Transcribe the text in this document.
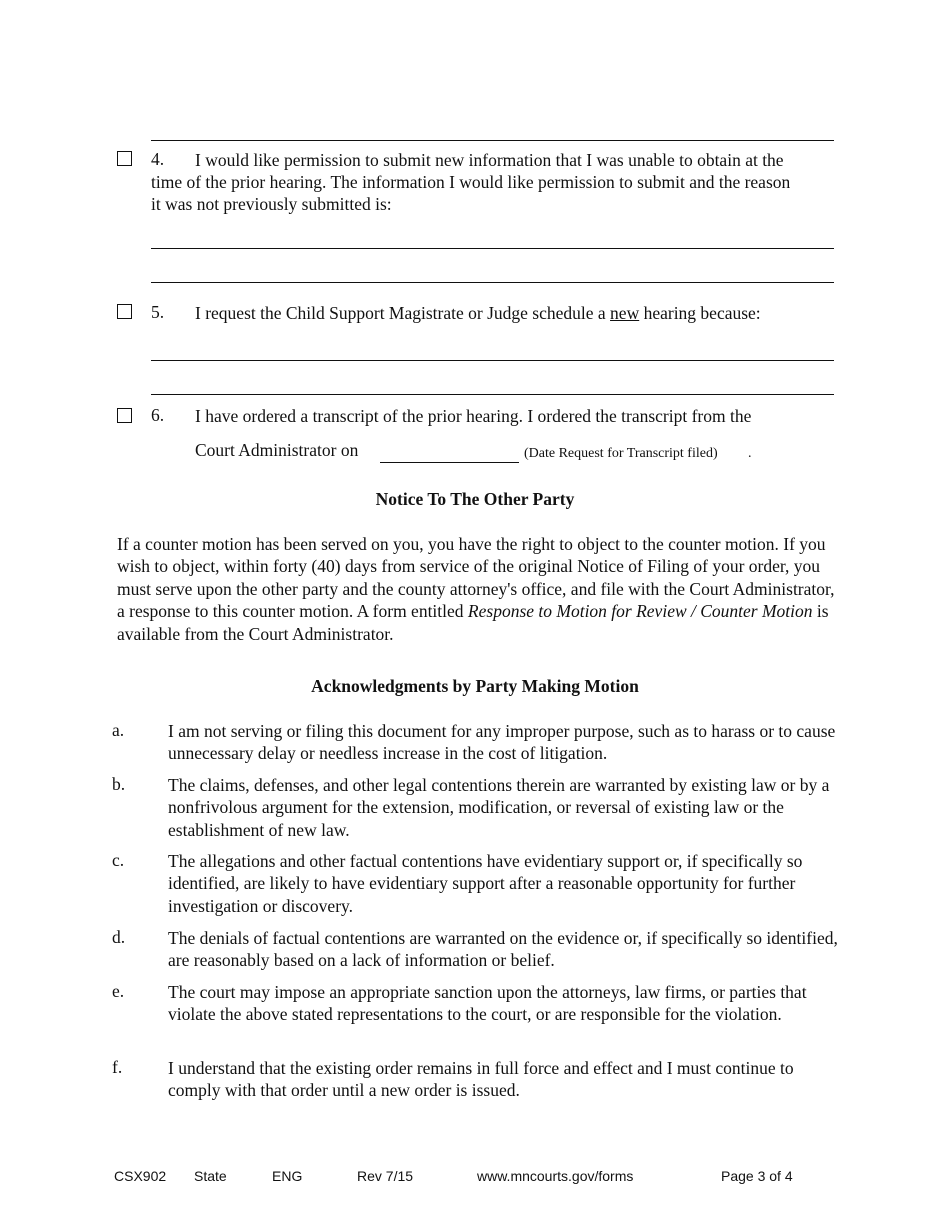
4. I would like permission to submit new information that I was unable to obtain at the
time of the prior hearing. The information I would like permission to submit and the reason
it was not previously submitted is:
5. I request the Child Support Magistrate or Judge schedule a new hearing because:
6. I have ordered a transcript of the prior hearing. I ordered the transcript from the
Court Administrator on	(Date Request for Transcript filed) .
Notice To The Other Party
If a counter motion has been served on you, you have the right to object to the counter motion. If you wish to object, within forty (40) days from service of the original Notice of Filing of your order, you must serve upon the other party and the county attorney's office, and file with the Court Administrator, a response to this counter motion. A form entitled Response to Motion for Review / Counter Motion is available from the Court Administrator.
Acknowledgments by Party Making Motion
a.	I am not serving or filing this document for any improper purpose, such as to harass or to cause unnecessary delay or needless increase in the cost of litigation.
b. The claims, defenses, and other legal contentions therein are warranted by existing law or by a nonfrivolous argument for the extension, modification, or reversal of existing law or the establishment of new law.
c.	The allegations and other factual contentions have evidentiary support or, if specifically so identified, are likely to have evidentiary support after a reasonable opportunity for further investigation or discovery.
d. The denials of factual contentions are warranted on the evidence or, if specifically so identified, are reasonably based on a lack of information or belief.
e.	The court may impose an appropriate sanction upon the attorneys, law firms, or parties that violate the above stated representations to the court, or are responsible for the violation.
f.	I understand that the existing order remains in full force and effect and I must continue to comply with that order until a new order is issued.
CSX902 State	ENG	Rev 7/15	www.mncourts.gov/forms	Page 3 of 4
